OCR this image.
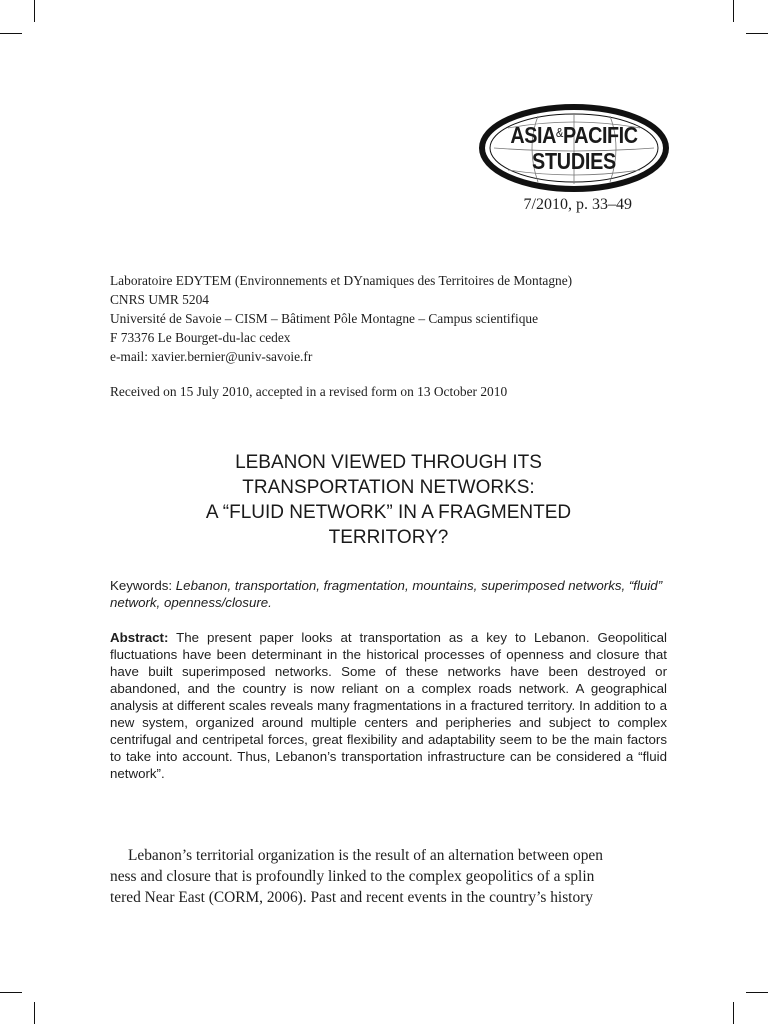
ASIA&PACIFIC
STUDIES
7/2010, p. 33–49
Laboratoire EDYTEM (Environnements et DYnamiques des Territoires de Montagne)
CNRS UMR 5204
Université de Savoie – CISM – Bâtiment Pôle Montagne – Campus scientifique
F 73376 Le Bourget-du-lac cedex
e-mail: xavier.bernier@univ-savoie.fr
Received on 15 July 2010, accepted in a revised form on 13 October 2010
LEBANON VIEWED THROUGH ITS
TRANSPORTATION NETWORKS:
A “FLUID NETWORK” IN A FRAGMENTED
TERRITORY?
Keywords: Lebanon, transportation, fragmentation, mountains, superimposed networks, “fluid” network, openness/closure.
Abstract: The present paper looks at transportation as a key to Lebanon. Geopolitical fluctuations have been determinant in the historical processes of openness and closure that have built superimposed networks. Some of these networks have been destroyed or abandoned, and the country is now reliant on a complex roads network. A geographical analysis at different scales reveals many fragmentations in a fractured territory. In addition to a new system, organized around multiple centers and peripheries and subject to complex centrifugal and centripetal forces, great flexibility and adaptability seem to be the main factors to take into account. Thus, Lebanon’s transportation infrastructure can be considered a “fluid network”.
Lebanon’s territorial organization is the result of an alternation between open
ness and closure that is profoundly linked to the complex geopolitics of a splin
tered Near East (CORM, 2006). Past and recent events in the country’s history
